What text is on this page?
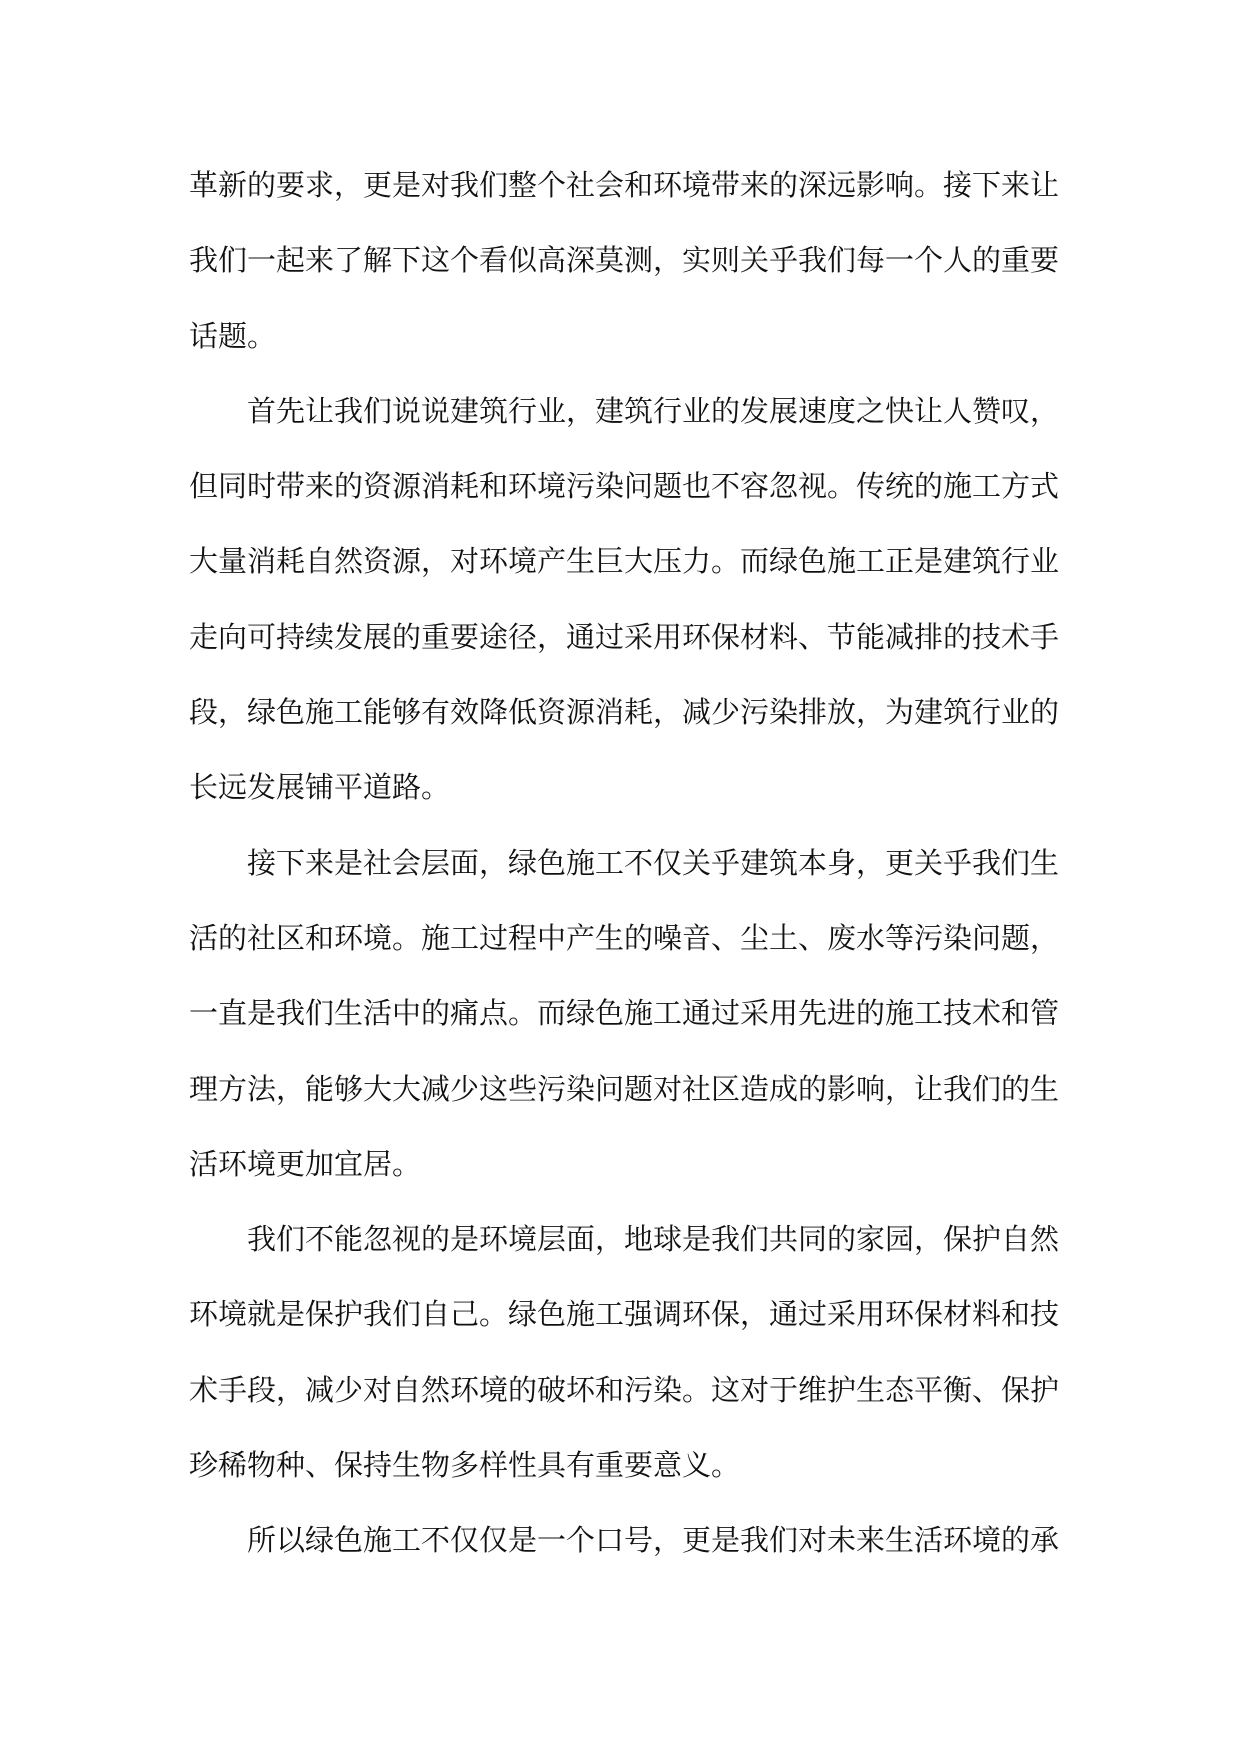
革新的要求，更是对我们整个社会和环境带来的深远影响。接下来让
我们一起来了解下这个看似高深莫测，实则关乎我们每一个人的重要
话题。
首先让我们说说建筑行业，建筑行业的发展速度之快让人赞叹，
但同时带来的资源消耗和环境污染问题也不容忽视。传统的施工方式
大量消耗自然资源，对环境产生巨大压力。而绿色施工正是建筑行业
走向可持续发展的重要途径，通过采用环保材料、节能减排的技术手
段，绿色施工能够有效降低资源消耗，减少污染排放，为建筑行业的
长远发展铺平道路。
接下来是社会层面，绿色施工不仅关乎建筑本身，更关乎我们生
活的社区和环境。施工过程中产生的噪音、尘土、废水等污染问题，
一直是我们生活中的痛点。而绿色施工通过采用先进的施工技术和管
理方法，能够大大减少这些污染问题对社区造成的影响，让我们的生
活环境更加宜居。
我们不能忽视的是环境层面，地球是我们共同的家园，保护自然
环境就是保护我们自己。绿色施工强调环保，通过采用环保材料和技
术手段，减少对自然环境的破坏和污染。这对于维护生态平衡、保护
珍稀物种、保持生物多样性具有重要意义。
所以绿色施工不仅仅是一个口号，更是我们对未来生活环境的承
